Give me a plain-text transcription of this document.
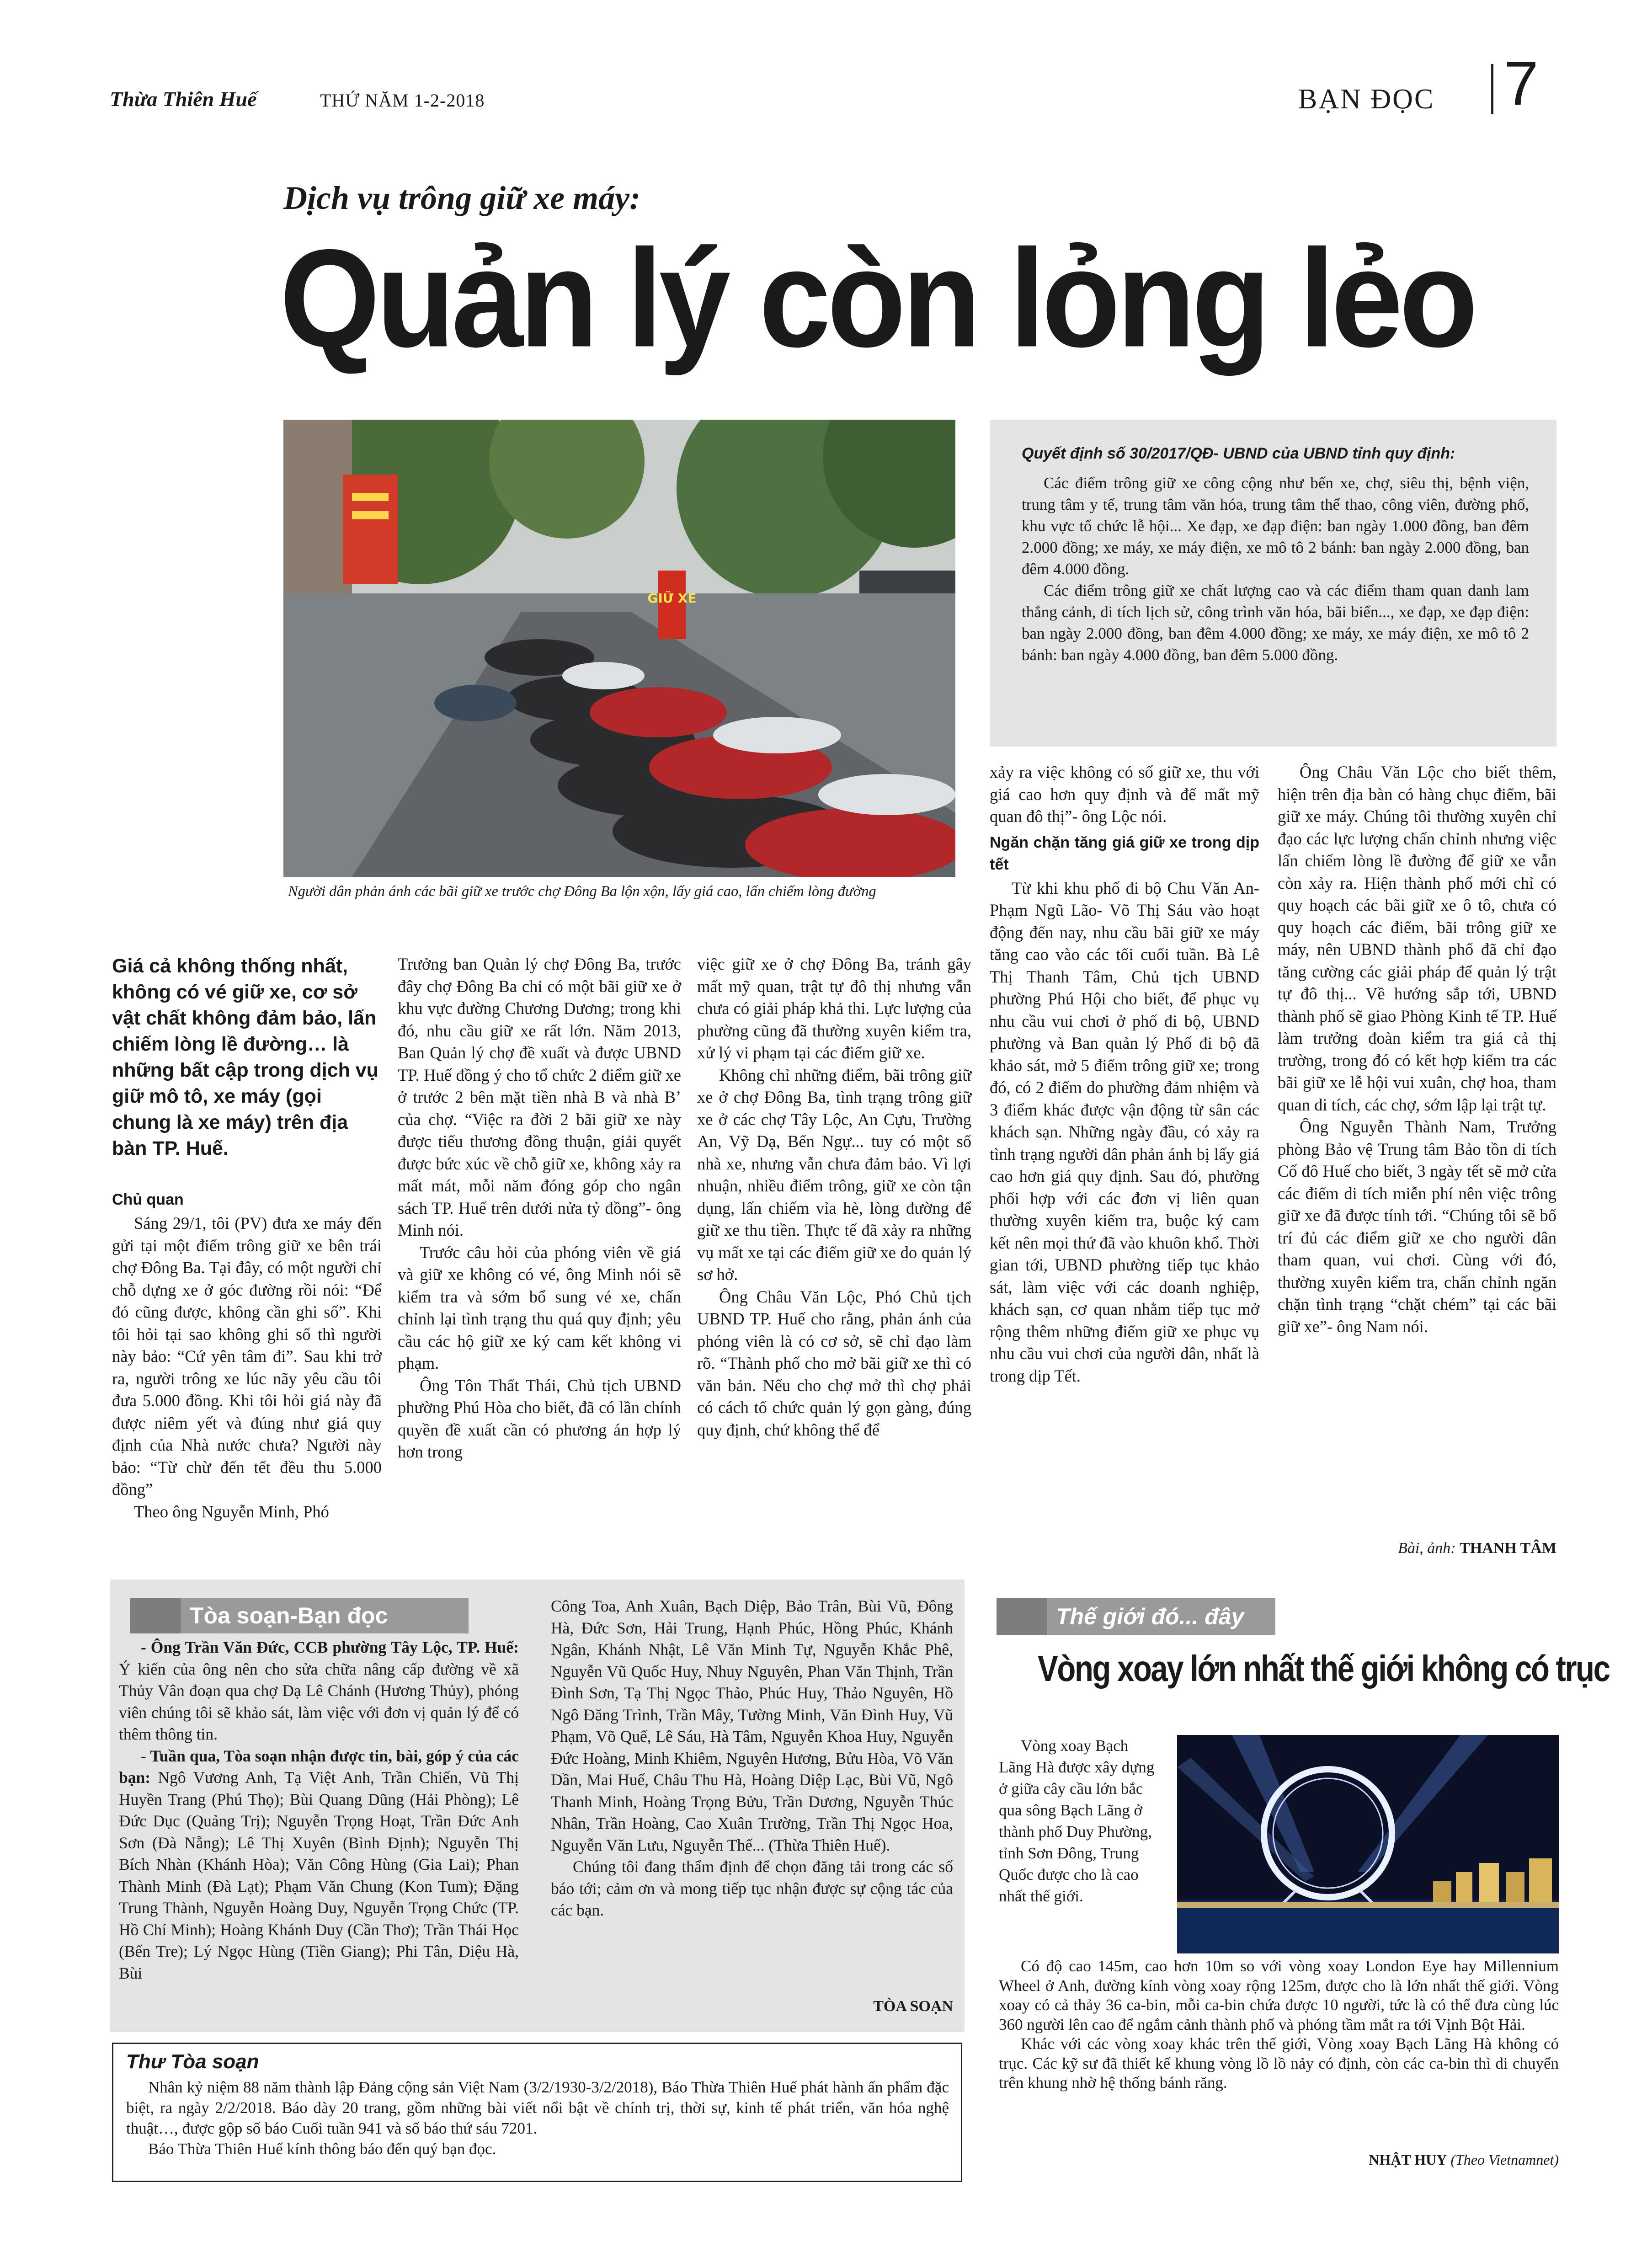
Thừa Thiên Huế	THỨ NĂM 1-2-2018	BẠN ĐỌC 7
Dịch vụ trông giữ xe máy:
Quản lý còn lỏng lẻo
GIỮ XE
Người dân phản ánh các bãi giữ xe trước chợ Đông Ba lộn xộn, lấy giá cao, lấn chiếm lòng đường
Quyết định số 30/2017/QĐ- UBND của UBND tỉnh quy định:

Các điểm trông giữ xe công cộng như bến xe, chợ, siêu thị, bệnh viện, trung tâm y tế, trung tâm văn hóa, trung tâm thể thao, công viên, đường phố, khu vực tổ chức lễ hội... Xe đạp, xe đạp điện: ban ngày 1.000 đồng, ban đêm 2.000 đồng; xe máy, xe máy điện, xe mô tô 2 bánh: ban ngày 2.000 đồng, ban đêm 4.000 đồng.

Các điểm trông giữ xe chất lượng cao và các điểm tham quan danh lam thắng cảnh, di tích lịch sử, công trình văn hóa, bãi biển..., xe đạp, xe đạp điện: ban ngày 2.000 đồng, ban đêm 4.000 đồng; xe máy, xe máy điện, xe mô tô 2 bánh: ban ngày 4.000 đồng, ban đêm 5.000 đồng.

Giá cả không thống nhất, không có vé giữ xe, cơ sở vật chất không đảm bảo, lấn chiếm lòng lề đường… là những bất cập trong dịch vụ giữ mô tô, xe máy (gọi chung là xe máy) trên địa bàn TP. Huế.
Chủ quan

Sáng 29/1, tôi (PV) đưa xe máy đến gửi tại một điểm trông giữ xe bên trái chợ Đông Ba. Tại đây, có một người chỉ chỗ dựng xe ở góc đường rồi nói: “Để đó cũng được, không cần ghi số”. Khi tôi hỏi tại sao không ghi số thì người này bảo: “Cứ yên tâm đi”. Sau khi trở ra, người trông xe lúc nãy yêu cầu tôi đưa 5.000 đồng. Khi tôi hỏi giá này đã được niêm yết và đúng như giá quy định của Nhà nước chưa? Người này bảo: “Từ chừ đến tết đều thu 5.000 đồng”

Theo ông Nguyễn Minh, Phó

Trưởng ban Quản lý chợ Đông Ba, trước đây chợ Đông Ba chỉ có một bãi giữ xe ở khu vực đường Chương Dương; trong khi đó, nhu cầu giữ xe rất lớn. Năm 2013, Ban Quản lý chợ đề xuất và được UBND TP. Huế đồng ý cho tổ chức 2 điểm giữ xe ở trước 2 bên mặt tiền nhà B và nhà B’ của chợ. “Việc ra đời 2 bãi giữ xe này được tiểu thương đồng thuận, giải quyết được bức xúc về chỗ giữ xe, không xảy ra mất mát, mỗi năm đóng góp cho ngân sách TP. Huế trên dưới nửa tỷ đồng”- ông Minh nói.

Trước câu hỏi của phóng viên về giá và giữ xe không có vé, ông Minh nói sẽ kiểm tra và sớm bổ sung vé xe, chấn chỉnh lại tình trạng thu quá quy định; yêu cầu các hộ giữ xe ký cam kết không vi phạm.

Ông Tôn Thất Thái, Chủ tịch UBND phường Phú Hòa cho biết, đã có lần chính quyền đề xuất cần có phương án hợp lý hơn trong

việc giữ xe ở chợ Đông Ba, tránh gây mất mỹ quan, trật tự đô thị nhưng vẫn chưa có giải pháp khả thi. Lực lượng của phường cũng đã thường xuyên kiểm tra, xử lý vi phạm tại các điểm giữ xe.

Không chỉ những điểm, bãi trông giữ xe ở chợ Đông Ba, tình trạng trông giữ xe ở các chợ Tây Lộc, An Cựu, Trường An, Vỹ Dạ, Bến Ngự... tuy có một số nhà xe, nhưng vẫn chưa đảm bảo. Vì lợi nhuận, nhiều điểm trông, giữ xe còn tận dụng, lấn chiếm vỉa hè, lòng đường để giữ xe thu tiền. Thực tế đã xảy ra những vụ mất xe tại các điểm giữ xe do quản lý sơ hở.

Ông Châu Văn Lộc, Phó Chủ tịch UBND TP. Huế cho rằng, phản ánh của phóng viên là có cơ sở, sẽ chỉ đạo làm rõ. “Thành phố cho mở bãi giữ xe thì có văn bản. Nếu cho chợ mở thì chợ phải có cách tổ chức quản lý gọn gàng, đúng quy định, chứ không thể để

xảy ra việc không có số giữ xe, thu với giá cao hơn quy định và để mất mỹ quan đô thị”- ông Lộc nói.

Ngăn chặn tăng giá giữ xe trong dịp tết

Từ khi khu phố đi bộ Chu Văn An- Phạm Ngũ Lão- Võ Thị Sáu vào hoạt động đến nay, nhu cầu bãi giữ xe máy tăng cao vào các tối cuối tuần. Bà Lê Thị Thanh Tâm, Chủ tịch UBND phường Phú Hội cho biết, để phục vụ nhu cầu vui chơi ở phố đi bộ, UBND phường và Ban quản lý Phố đi bộ đã khảo sát, mở 5 điểm trông giữ xe; trong đó, có 2 điểm do phường đảm nhiệm và 3 điểm khác được vận động từ sân các khách sạn. Những ngày đầu, có xảy ra tình trạng người dân phản ánh bị lấy giá cao hơn giá quy định. Sau đó, phường phối hợp với các đơn vị liên quan thường xuyên kiểm tra, buộc ký cam kết nên mọi thứ đã vào khuôn khổ. Thời gian tới, UBND phường tiếp tục khảo sát, làm việc với các doanh nghiệp, khách sạn, cơ quan nhằm tiếp tục mở rộng thêm những điểm giữ xe phục vụ nhu cầu vui chơi của người dân, nhất là trong dịp Tết.

Ông Châu Văn Lộc cho biết thêm, hiện trên địa bàn có hàng chục điểm, bãi giữ xe máy. Chúng tôi thường xuyên chỉ đạo các lực lượng chấn chỉnh nhưng việc lấn chiếm lòng lề đường để giữ xe vẫn còn xảy ra. Hiện thành phố mới chỉ có quy hoạch các bãi giữ xe ô tô, chưa có quy hoạch các điểm, bãi trông giữ xe máy, nên UBND thành phố đã chỉ đạo tăng cường các giải pháp để quản lý trật tự đô thị... Về hướng sắp tới, UBND thành phố sẽ giao Phòng Kinh tế TP. Huế làm trưởng đoàn kiểm tra giá cả thị trường, trong đó có kết hợp kiểm tra các bãi giữ xe lễ hội vui xuân, chợ hoa, tham quan di tích, các chợ, sớm lập lại trật tự.

Ông Nguyễn Thành Nam, Trưởng phòng Bảo vệ Trung tâm Bảo tồn di tích Cố đô Huế cho biết, 3 ngày tết sẽ mở cửa các điểm di tích miễn phí nên việc trông giữ xe đã được tính tới. “Chúng tôi sẽ bố trí đủ các điểm giữ xe cho người dân tham quan, vui chơi. Cùng với đó, thường xuyên kiểm tra, chấn chỉnh ngăn chặn tình trạng “chặt chém” tại các bãi giữ xe”- ông Nam nói.

Bài, ảnh: THANH TÂM
Tòa soạn-Bạn đọc

- Ông Trần Văn Đức, CCB phường Tây Lộc, TP. Huế: Ý kiến của ông nên cho sửa chữa nâng cấp đường về xã Thủy Vân đoạn qua chợ Dạ Lê Chánh (Hương Thủy), phóng viên chúng tôi sẽ khảo sát, làm việc với đơn vị quản lý để có thêm thông tin.

- Tuần qua, Tòa soạn nhận được tin, bài, góp ý của các bạn: Ngô Vương Anh, Tạ Việt Anh, Trần Chiến, Vũ Thị Huyền Trang (Phú Thọ); Bùi Quang Dũng (Hải Phòng); Lê Đức Dục (Quảng Trị); Nguyễn Trọng Hoạt, Trần Đức Anh Sơn (Đà Nẵng); Lê Thị Xuyên (Bình Định); Nguyễn Thị Bích Nhàn (Khánh Hòa); Văn Công Hùng (Gia Lai); Phan Thành Minh (Đà Lạt); Phạm Văn Chung (Kon Tum); Đặng Trung Thành, Nguyễn Hoàng Duy, Nguyễn Trọng Chức (TP. Hồ Chí Minh); Hoàng Khánh Duy (Cần Thơ); Trần Thái Học (Bến Tre); Lý Ngọc Hùng (Tiền Giang); Phi Tân, Diệu Hà, Bùi

Công Toa, Anh Xuân, Bạch Diệp, Bảo Trân, Bùi Vũ, Đông Hà, Đức Sơn, Hải Trung, Hạnh Phúc, Hồng Phúc, Khánh Ngân, Khánh Nhật, Lê Văn Minh Tự, Nguyễn Khắc Phê, Nguyễn Vũ Quốc Huy, Nhuy Nguyên, Phan Văn Thịnh, Trần Đình Sơn, Tạ Thị Ngọc Thảo, Phúc Huy, Thảo Nguyên, Hồ Ngô Đăng Trình, Trần Mây, Tường Minh, Văn Đình Huy, Vũ Phạm, Võ Quế, Lê Sáu, Hà Tâm, Nguyễn Khoa Huy, Nguyễn Đức Hoàng, Minh Khiêm, Nguyên Hương, Bửu Hòa, Võ Văn Dần, Mai Huế, Châu Thu Hà, Hoàng Diệp Lạc, Bùi Vũ, Ngô Thanh Minh, Hoàng Trọng Bửu, Trần Dương, Nguyễn Thúc Nhân, Trần Hoàng, Cao Xuân Trường, Trần Thị Ngọc Hoa, Nguyễn Văn Lưu, Nguyễn Thế... (Thừa Thiên Huế).

Chúng tôi đang thẩm định để chọn đăng tải trong các số báo tới; cảm ơn và mong tiếp tục nhận được sự cộng tác của các bạn.

TÒA SOẠN
Thư Tòa soạn

Nhân kỷ niệm 88 năm thành lập Đảng cộng sản Việt Nam (3/2/1930-3/2/2018), Báo Thừa Thiên Huế phát hành ấn phẩm đặc biệt, ra ngày 2/2/2018. Báo dày 20 trang, gồm những bài viết nổi bật về chính trị, thời sự, kinh tế phát triển, văn hóa nghệ thuật…, được gộp số báo Cuối tuần 941 và số báo thứ sáu 7201.

Báo Thừa Thiên Huế kính thông báo đến quý bạn đọc.

Thế giới đó... đây
Vòng xoay lớn nhất thế giới không có trục

Vòng xoay Bạch Lãng Hà được xây dựng ở giữa cây cầu lớn bắc qua sông Bạch Lãng ở thành phố Duy Phường, tỉnh Sơn Đông, Trung Quốc được cho là cao nhất thế giới.

Có độ cao 145m, cao hơn 10m so với vòng xoay London Eye hay Millennium Wheel ở Anh, đường kính vòng xoay rộng 125m, được cho là lớn nhất thế giới. Vòng xoay có cả thảy 36 ca-bin, mỗi ca-bin chứa được 10 người, tức là có thể đưa cùng lúc 360 người lên cao để ngắm cảnh thành phố và phóng tầm mắt ra tới Vịnh Bột Hải.

Khác với các vòng xoay khác trên thế giới, Vòng xoay Bạch Lãng Hà không có trục. Các kỹ sư đã thiết kế khung vòng lồ lồ nảy có định, còn các ca-bin thì di chuyển trên khung nhờ hệ thống bánh răng.

NHẬT HUY (Theo Vietnamnet)
